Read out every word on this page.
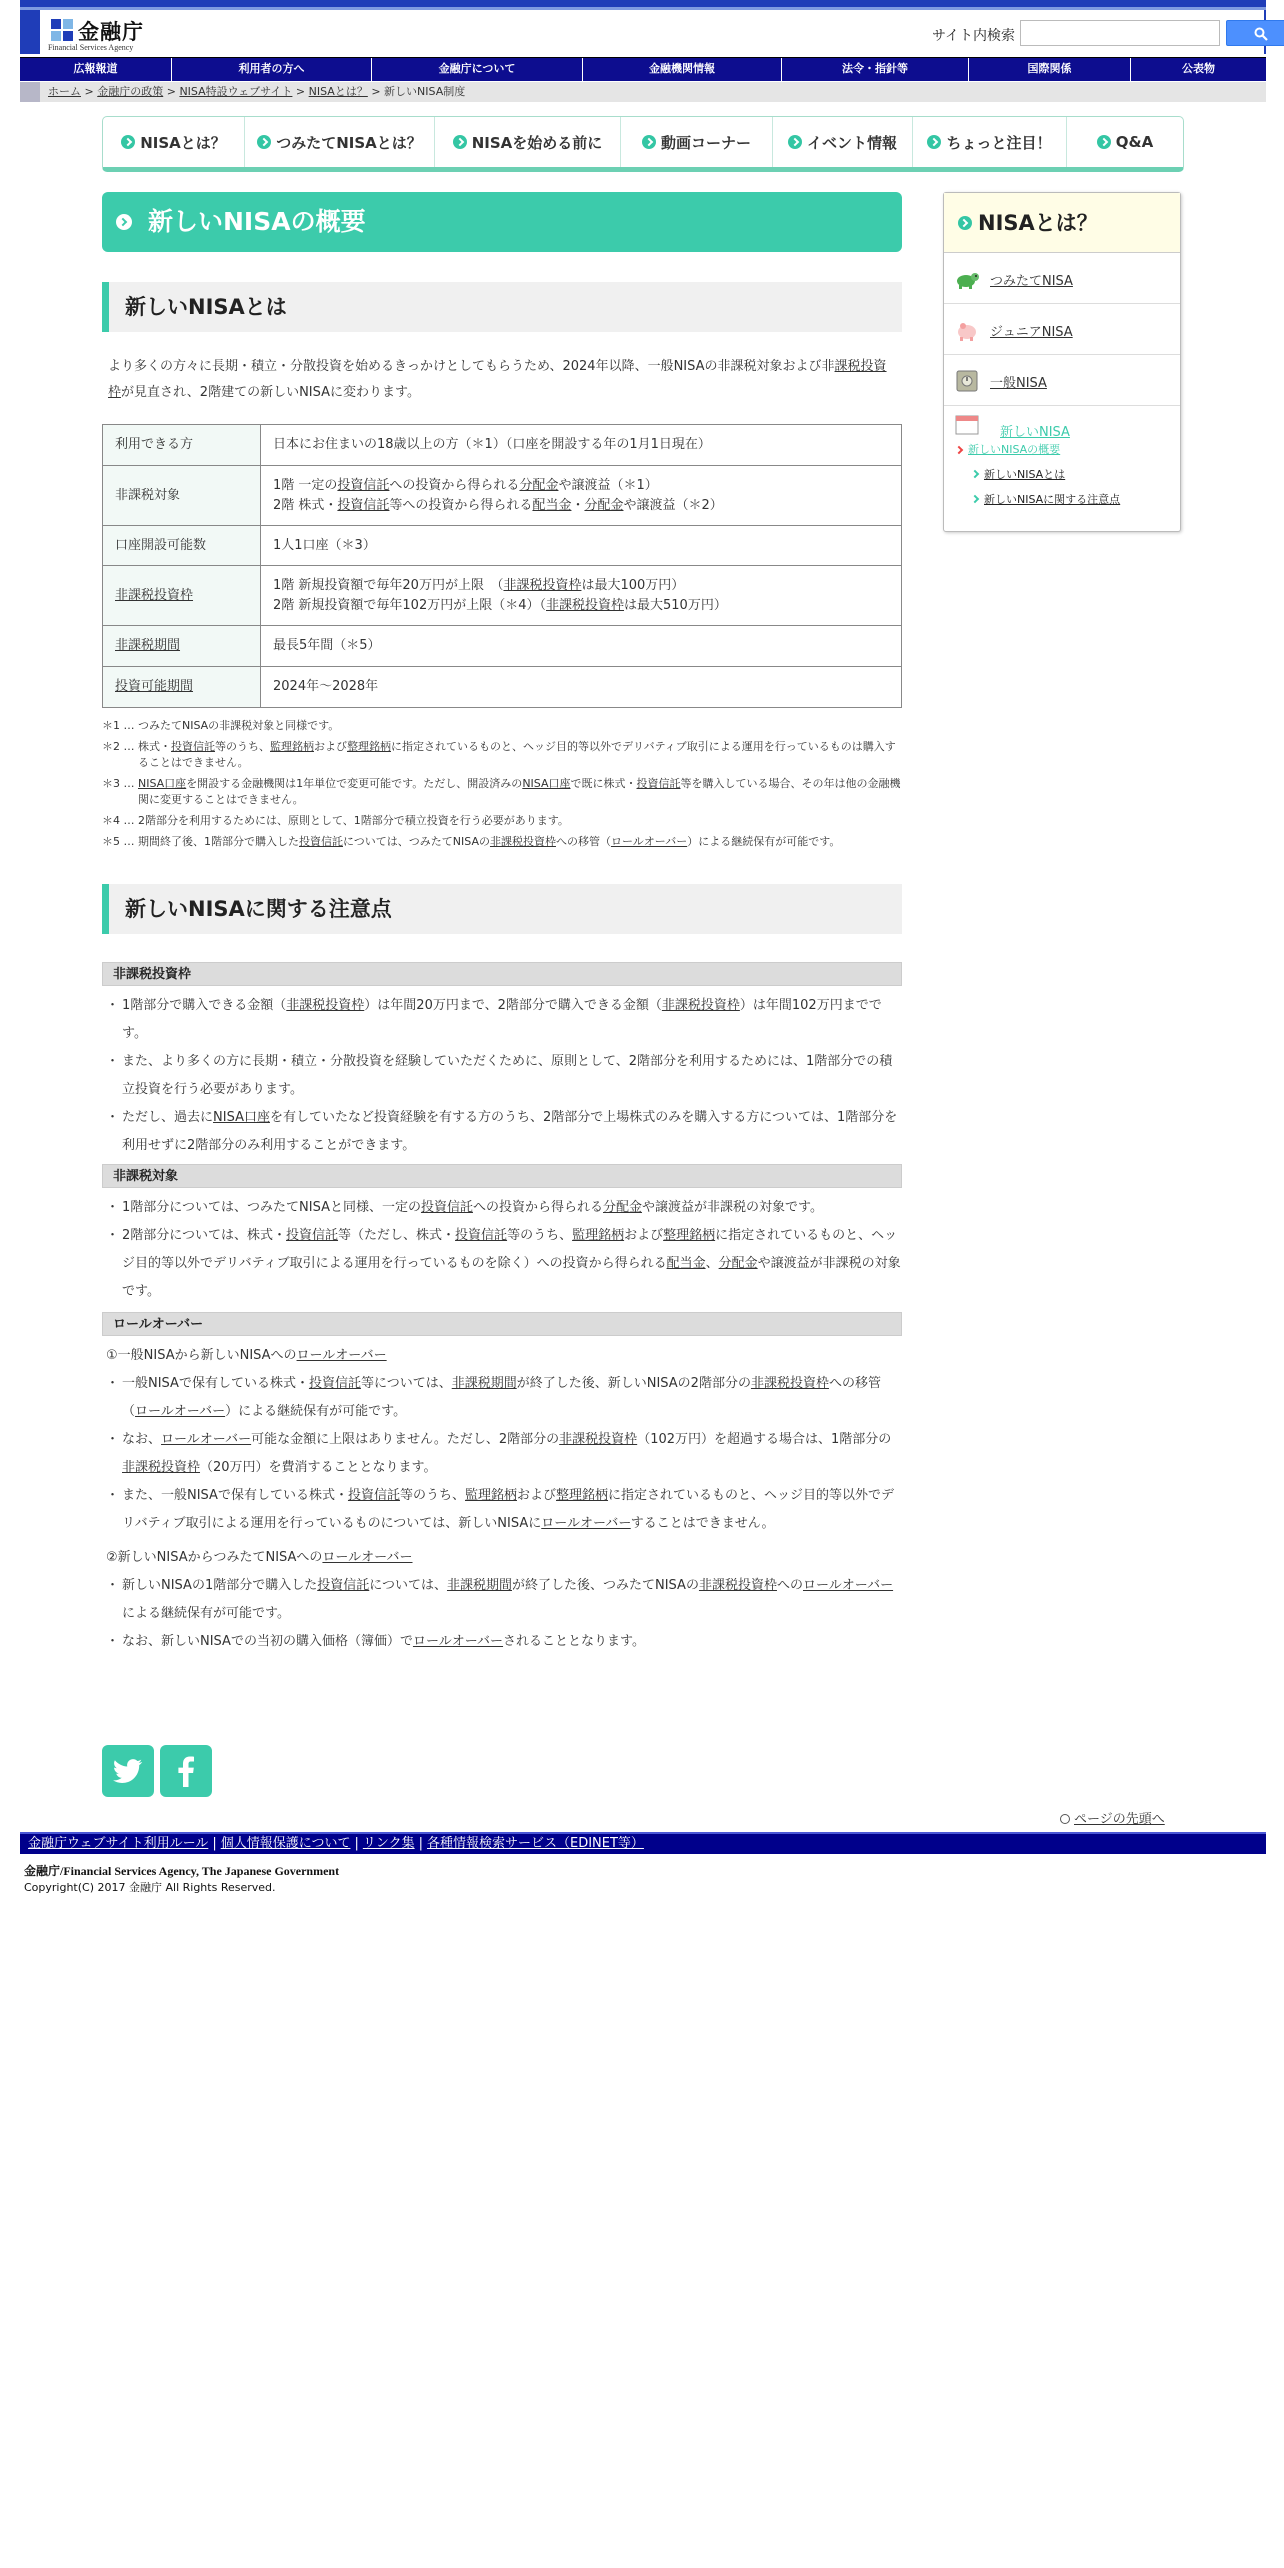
金融庁
Financial Services Agency
サイト内検索
広報報道	利用者の方へ	金融庁について	金融機関情報	法令・指針等	国際関係	公表物
ホーム > 金融庁の政策 > NISA特設ウェブサイト > NISAとは？ > 新しいNISA制度
NISAとは？	つみたてNISAとは？	NISAを始める前に	動画コーナー	イベント情報	ちょっと注目！	Q&A
新しいNISAの概要
新しいNISAとは

より多くの方々に長期・積立・分散投資を始めるきっかけとしてもらうため、2024年以降、一般NISAの非課税対象および非課税投資枠が見直され、2階建ての新しいNISAに変わります。

利用できる方	日本にお住まいの18歳以上の方（＊1）（口座を開設する年の1月1日現在）
非課税対象	1階 一定の投資信託への投資から得られる分配金や譲渡益（＊1）
2階 株式・投資信託等への投資から得られる配当金・分配金や譲渡益（＊2）

口座開設可能数	1人1口座（＊3）
非課税投資枠	1階 新規投資額で毎年20万円が上限　（非課税投資枠は最大100万円）
2階 新規投資額で毎年102万円が上限（＊4）（非課税投資枠は最大510万円）

非課税期間	最長5年間（＊5）
投資可能期間	2024年～2028年
＊1 … つみたてNISAの非課税対象と同様です。
＊2 … 株式・投資信託等のうち、監理銘柄および整理銘柄に指定されているものと、ヘッジ目的等以外でデリバティブ取引による運用を行っているものは購入することはできません。
＊3 … NISA口座を開設する金融機関は1年単位で変更可能です。ただし、開設済みのNISA口座で既に株式・投資信託等を購入している場合、その年は他の金融機関に変更することはできません。
＊4 … 2階部分を利用するためには、原則として、1階部分で積立投資を行う必要があります。
＊5 … 期間終了後、1階部分で購入した投資信託については、つみたてNISAの非課税投資枠への移管（ロールオーバー）による継続保有が可能です。
新しいNISAに関する注意点
非課税投資枠

・ 1階部分で購入できる金額（非課税投資枠）は年間20万円まで、2階部分で購入できる金額（非課税投資枠）は年間102万円までです。

・ また、より多くの方に長期・積立・分散投資を経験していただくために、原則として、2階部分を利用するためには、1階部分での積立投資を行う必要があります。

・ ただし、過去にNISA口座を有していたなど投資経験を有する方のうち、2階部分で上場株式のみを購入する方については、1階部分を利用せずに2階部分のみ利用することができます。

非課税対象

・ 1階部分については、つみたてNISAと同様、一定の投資信託への投資から得られる分配金や譲渡益が非課税の対象です。

・ 2階部分については、株式・投資信託等（ただし、株式・投資信託等のうち、監理銘柄および整理銘柄に指定されているものと、ヘッジ目的等以外でデリバティブ取引による運用を行っているものを除く）への投資から得られる配当金、分配金や譲渡益が非課税の対象です。

ロールオーバー

①一般NISAから新しいNISAへのロールオーバー

・ 一般NISAで保有している株式・投資信託等については、非課税期間が終了した後、新しいNISAの2階部分の非課税投資枠への移管（ロールオーバー）による継続保有が可能です。

・ なお、ロールオーバー可能な金額に上限はありません。ただし、2階部分の非課税投資枠（102万円）を超過する場合は、1階部分の非課税投資枠（20万円）を費消することとなります。

・ また、一般NISAで保有している株式・投資信託等のうち、監理銘柄および整理銘柄に指定されているものと、ヘッジ目的等以外でデリバティブ取引による運用を行っているものについては、新しいNISAにロールオーバーすることはできません。

②新しいNISAからつみたてNISAへのロールオーバー

・ 新しいNISAの1階部分で購入した投資信託については、非課税期間が終了した後、つみたてNISAの非課税投資枠へのロールオーバーによる継続保有が可能です。

・ なお、新しいNISAでの当初の購入価格（簿価）でロールオーバーされることとなります。

ページの先頭へ
金融庁ウェブサイト利用ルール | 個人情報保護について | リンク集 | 各種情報検索サービス（EDINET等）
金融庁/Financial Services Agency, The Japanese Government
Copyright(C) 2017 金融庁 All Rights Reserved.
NISAとは？
つみたてNISA
ジュニアNISA
一般NISA
新しいNISA
新しいNISAの概要
新しいNISAとは
新しいNISAに関する注意点
